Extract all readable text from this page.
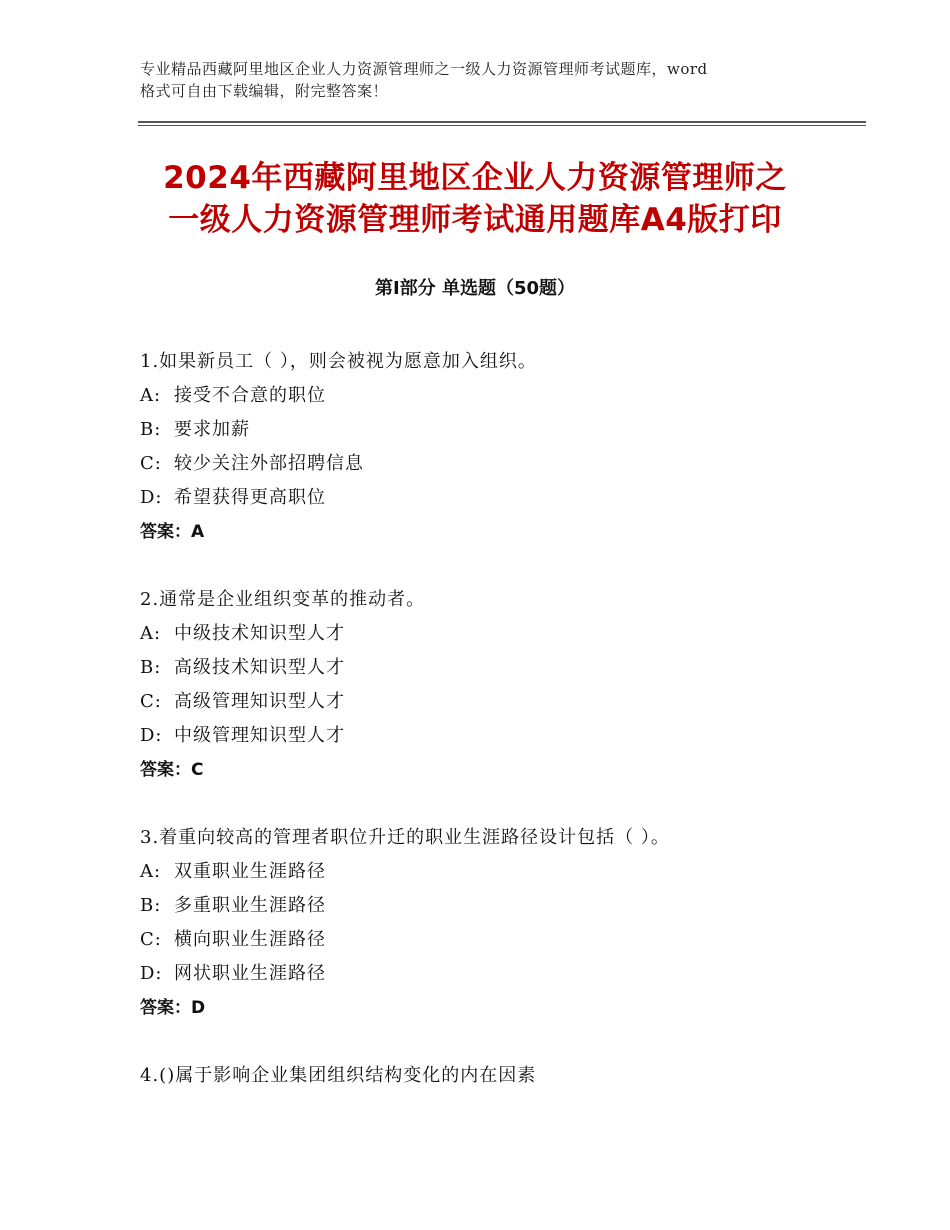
专业精品西藏阿里地区企业人力资源管理师之一级人力资源管理师考试题库，word
格式可自由下载编辑，附完整答案！
2024年西藏阿里地区企业人力资源管理师之
一级人力资源管理师考试通用题库A4版打印
第Ⅰ部分 单选题（50题）
1.如果新员工（ ），则会被视为愿意加入组织。
A: 接受不合意的职位
B: 要求加薪
C: 较少关注外部招聘信息
D: 希望获得更高职位
答案：A
2.通常是企业组织变革的推动者。
A: 中级技术知识型人才
B: 高级技术知识型人才
C: 高级管理知识型人才
D: 中级管理知识型人才
答案：C
3.着重向较高的管理者职位升迁的职业生涯路径设计包括（ ）。
A: 双重职业生涯路径
B: 多重职业生涯路径
C: 横向职业生涯路径
D: 网状职业生涯路径
答案：D
4.()属于影响企业集团组织结构变化的内在因素
